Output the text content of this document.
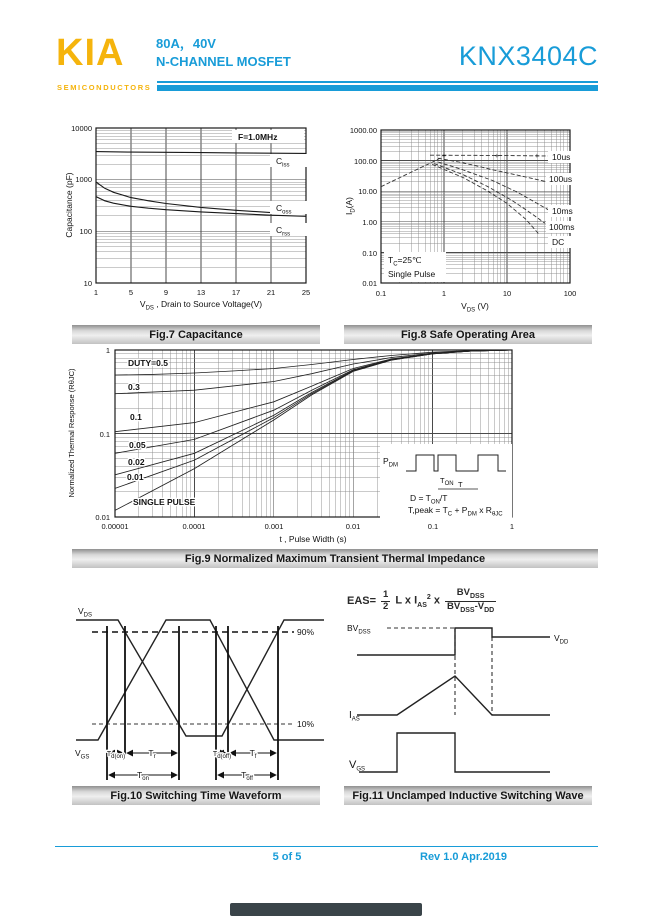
KIA
SEMICONDUCTORS
80A，40V
N-CHANNEL MOSFET	KNX3404C
F=1.0MHz
$C_{iss}$
$C_{oss}$
$C_{rss}$
10000
1000
100
10
1	5	9	13	17	21	25
$V_{DS}$ , Drain to Source Voltage(V)
Capacitance (pF)
Fig.7 Capacitance
+	+	+ 10us
100us
10ms
100ms
DC
$T_C=25℃$
Single Pulse
1000.00
100.00
10.00
1.00
0.10
0.01
0.1	1	10	100
$V_{DS}$ (V)
$I_D(A)$
Fig.8 Safe Operating Area
DUTY=0.5
0.3
0.1
0.05
0.02
0.01
SINGLE PULSE
$P_{DM}$
$T_{ON}$ T
$D = T_{ON}/T$
T,peak = $T_C + P_{DM}$ x $R_{\theta JC}$
1
0.1
0.01
0.00001	0.0001	0.001	0.01	0.1	1
t , Pulse Width (s)
Normalized Thermal Response (RθJC)
Fig.9 Normalized Maximum Transient Thermal Impedance
$V_{DS}$
$V_{GS}$
90%
10%
Td(on)	$T_r$	Td(off) $T_f$
$T_{on}$	$T_{off}$
Fig.10 Switching Time Waveform
$EAS= \frac{1}{2}$ L x $I_{AS}^2$ x $\frac{BV_{DSS}}{BV_{DSS}-V_{DD}}$
$BV_{DSS}$
$V_{DD}$
$I_{AS}$
$V_{GS}$
Fig.11 Unclamped Inductive Switching Wave
5 of 5	Rev 1.0 Apr.2019
